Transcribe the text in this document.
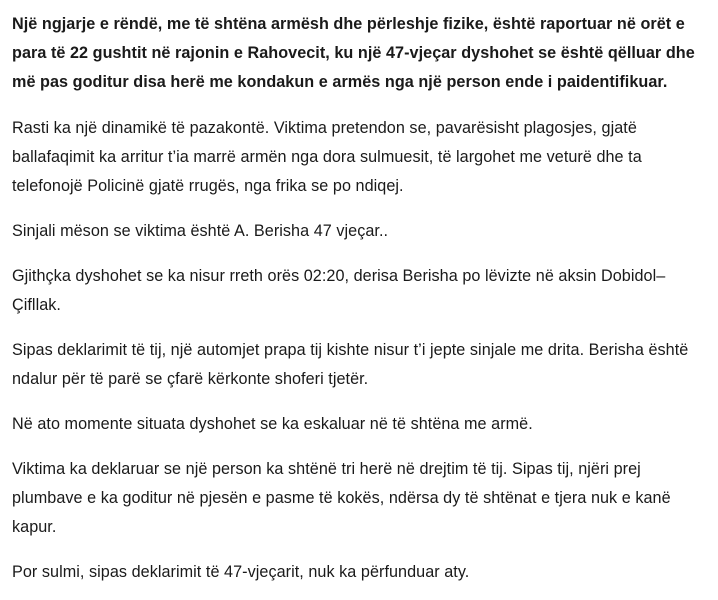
Një ngjarje e rëndë, me të shtëna armësh dhe përleshje fizike, është raportuar në orët e para të 22 gushtit në rajonin e Rahovecit, ku një 47-vjeçar dyshohet se është qëlluar dhe më pas goditur disa herë me kondakun e armës nga një person ende i paidentifikuar.

Rasti ka një dinamikë të pazakontë. Viktima pretendon se, pavarësisht plagosjes, gjatë ballafaqimit ka arritur t’ia marrë armën nga dora sulmuesit, të largohet me veturë dhe ta telefonojë Policinë gjatë rrugës, nga frika se po ndiqej.

Sinjali mëson se viktima është A. Berisha 47 vjeçar..

Gjithçka dyshohet se ka nisur rreth orës 02:20, derisa Berisha po lëvizte në aksin Dobidol–Çifllak.

Sipas deklarimit të tij, një automjet prapa tij kishte nisur t’i jepte sinjale me drita. Berisha është ndalur për të parë se çfarë kërkonte shoferi tjetër.

Në ato momente situata dyshohet se ka eskaluar në të shtëna me armë.

Viktima ka deklaruar se një person ka shtënë tri herë në drejtim të tij. Sipas tij, njëri prej plumbave e ka goditur në pjesën e pasme të kokës, ndërsa dy të shtënat e tjera nuk e kanë kapur.

Por sulmi, sipas deklarimit të 47-vjeçarit, nuk ka përfunduar aty.
